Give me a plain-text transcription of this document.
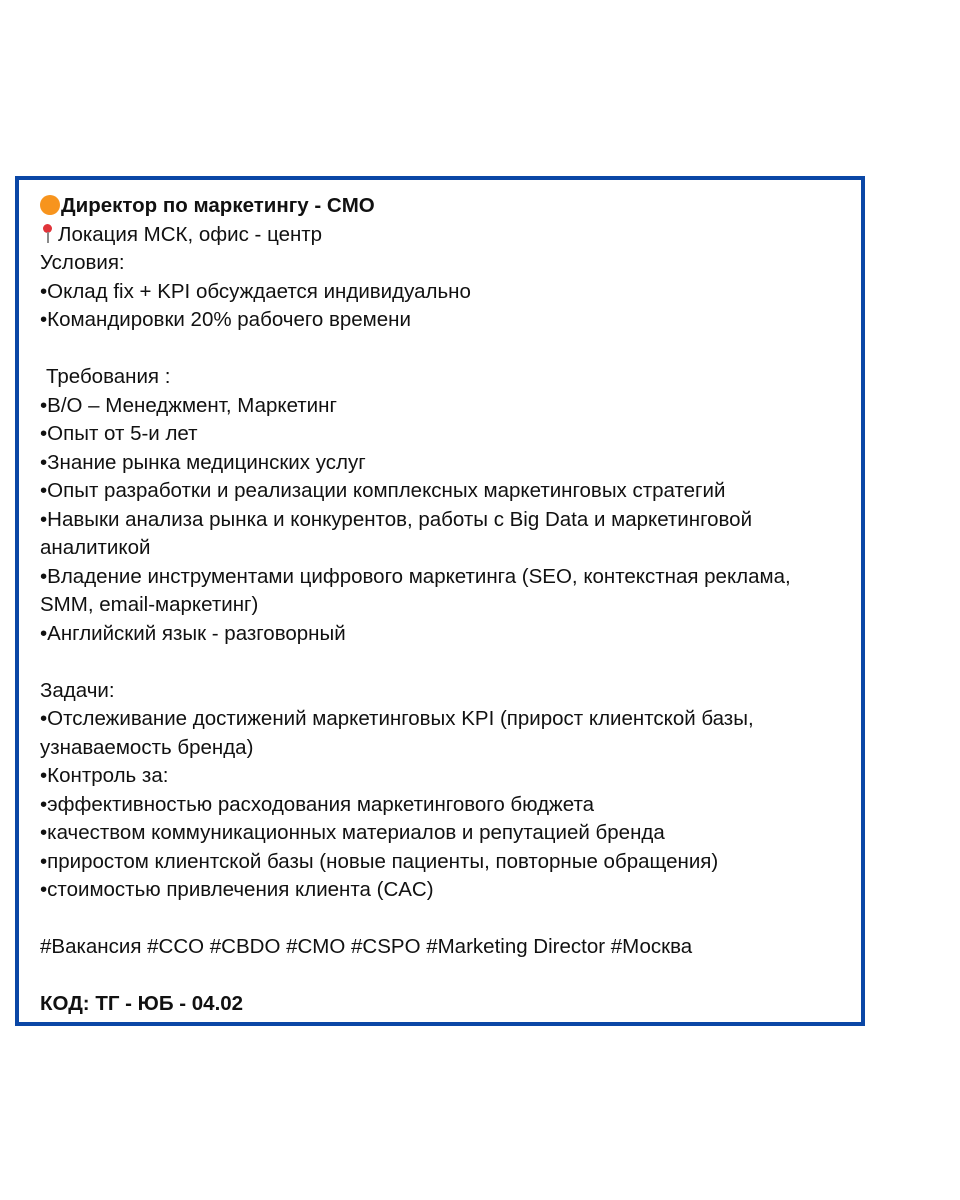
Директор по маркетингу - CMO
Локация МСК, офис - центр
Условия:
•Оклад fix + KPI обсуждается индивидуально
•Командировки 20% рабочего времени
Требования :
•В/О – Менеджмент, Маркетинг
•Опыт от 5-и лет
•Знание рынка медицинских услуг
•Опыт разработки и реализации комплексных маркетинговых стратегий
•Навыки анализа рынка и конкурентов, работы с Big Data и маркетинговой аналитикой
•Владение инструментами цифрового маркетинга (SEO, контекстная реклама, SMM, email-маркетинг)
•Английский язык - разговорный
Задачи:
•Отслеживание достижений маркетинговых KPI (прирост клиентской базы, узнаваемость бренда)
•Контроль за:
•эффективностью расходования маркетингового бюджета
•качеством коммуникационных материалов и репутацией бренда
•приростом клиентской базы (новые пациенты, повторные обращения)
•стоимостью привлечения клиента (CAC)
#Вакансия #CCO #CBDO #CMO #CSPO #Marketing Director #Москва
КОД: ТГ - ЮБ - 04.02
